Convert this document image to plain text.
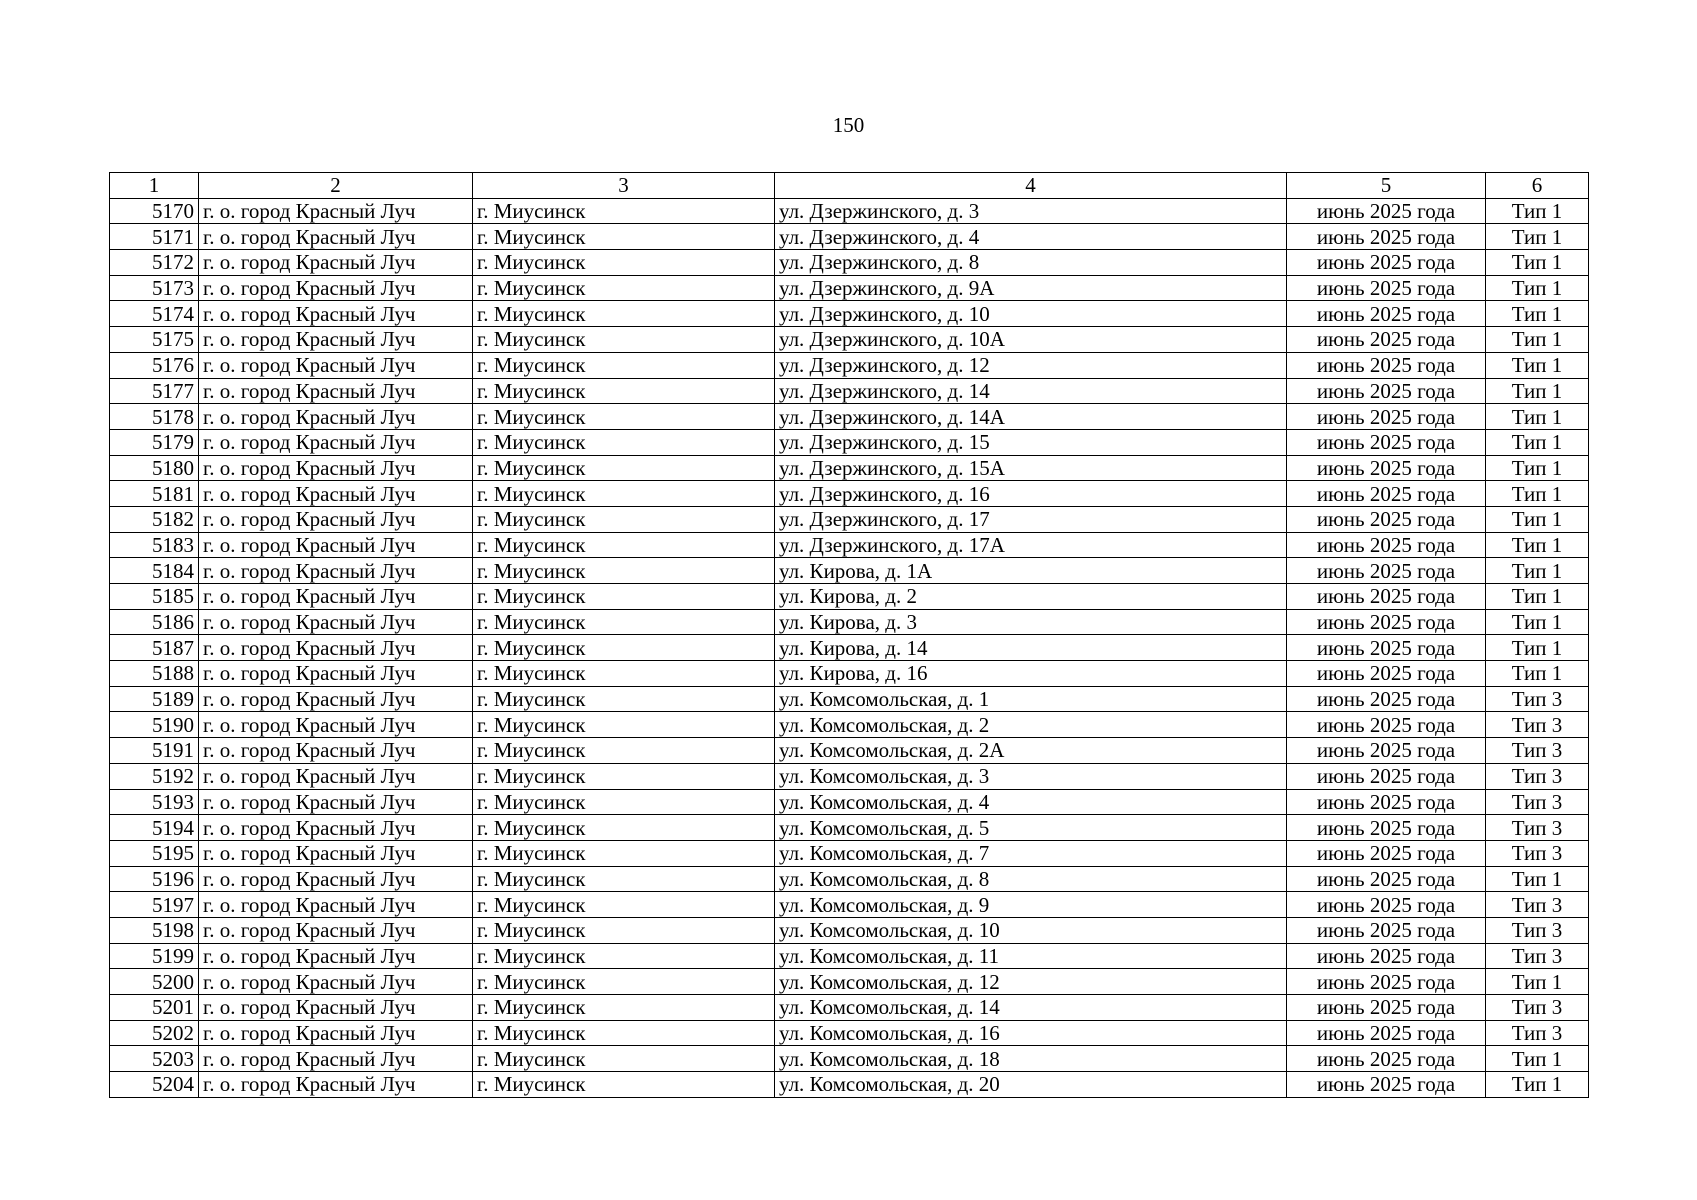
150
1	2	3	4	5	6
5170	г. о. город Красный Луч	г. Миусинск	ул. Дзержинского, д. 3	июнь 2025 года	Тип 1
5171	г. о. город Красный Луч	г. Миусинск	ул. Дзержинского, д. 4	июнь 2025 года	Тип 1
5172	г. о. город Красный Луч	г. Миусинск	ул. Дзержинского, д. 8	июнь 2025 года	Тип 1
5173	г. о. город Красный Луч	г. Миусинск	ул. Дзержинского, д. 9А	июнь 2025 года	Тип 1
5174	г. о. город Красный Луч	г. Миусинск	ул. Дзержинского, д. 10	июнь 2025 года	Тип 1
5175	г. о. город Красный Луч	г. Миусинск	ул. Дзержинского, д. 10А	июнь 2025 года	Тип 1
5176	г. о. город Красный Луч	г. Миусинск	ул. Дзержинского, д. 12	июнь 2025 года	Тип 1
5177	г. о. город Красный Луч	г. Миусинск	ул. Дзержинского, д. 14	июнь 2025 года	Тип 1
5178	г. о. город Красный Луч	г. Миусинск	ул. Дзержинского, д. 14А	июнь 2025 года	Тип 1
5179	г. о. город Красный Луч	г. Миусинск	ул. Дзержинского, д. 15	июнь 2025 года	Тип 1
5180	г. о. город Красный Луч	г. Миусинск	ул. Дзержинского, д. 15А	июнь 2025 года	Тип 1
5181	г. о. город Красный Луч	г. Миусинск	ул. Дзержинского, д. 16	июнь 2025 года	Тип 1
5182	г. о. город Красный Луч	г. Миусинск	ул. Дзержинского, д. 17	июнь 2025 года	Тип 1
5183	г. о. город Красный Луч	г. Миусинск	ул. Дзержинского, д. 17А	июнь 2025 года	Тип 1
5184	г. о. город Красный Луч	г. Миусинск	ул. Кирова, д. 1А	июнь 2025 года	Тип 1
5185	г. о. город Красный Луч	г. Миусинск	ул. Кирова, д. 2	июнь 2025 года	Тип 1
5186	г. о. город Красный Луч	г. Миусинск	ул. Кирова, д. 3	июнь 2025 года	Тип 1
5187	г. о. город Красный Луч	г. Миусинск	ул. Кирова, д. 14	июнь 2025 года	Тип 1
5188	г. о. город Красный Луч	г. Миусинск	ул. Кирова, д. 16	июнь 2025 года	Тип 1
5189	г. о. город Красный Луч	г. Миусинск	ул. Комсомольская, д. 1	июнь 2025 года	Тип 3
5190	г. о. город Красный Луч	г. Миусинск	ул. Комсомольская, д. 2	июнь 2025 года	Тип 3
5191	г. о. город Красный Луч	г. Миусинск	ул. Комсомольская, д. 2А	июнь 2025 года	Тип 3
5192	г. о. город Красный Луч	г. Миусинск	ул. Комсомольская, д. 3	июнь 2025 года	Тип 3
5193	г. о. город Красный Луч	г. Миусинск	ул. Комсомольская, д. 4	июнь 2025 года	Тип 3
5194	г. о. город Красный Луч	г. Миусинск	ул. Комсомольская, д. 5	июнь 2025 года	Тип 3
5195	г. о. город Красный Луч	г. Миусинск	ул. Комсомольская, д. 7	июнь 2025 года	Тип 3
5196	г. о. город Красный Луч	г. Миусинск	ул. Комсомольская, д. 8	июнь 2025 года	Тип 1
5197	г. о. город Красный Луч	г. Миусинск	ул. Комсомольская, д. 9	июнь 2025 года	Тип 3
5198	г. о. город Красный Луч	г. Миусинск	ул. Комсомольская, д. 10	июнь 2025 года	Тип 3
5199	г. о. город Красный Луч	г. Миусинск	ул. Комсомольская, д. 11	июнь 2025 года	Тип 3
5200	г. о. город Красный Луч	г. Миусинск	ул. Комсомольская, д. 12	июнь 2025 года	Тип 1
5201	г. о. город Красный Луч	г. Миусинск	ул. Комсомольская, д. 14	июнь 2025 года	Тип 3
5202	г. о. город Красный Луч	г. Миусинск	ул. Комсомольская, д. 16	июнь 2025 года	Тип 3
5203	г. о. город Красный Луч	г. Миусинск	ул. Комсомольская, д. 18	июнь 2025 года	Тип 1
5204	г. о. город Красный Луч	г. Миусинск	ул. Комсомольская, д. 20	июнь 2025 года	Тип 1
